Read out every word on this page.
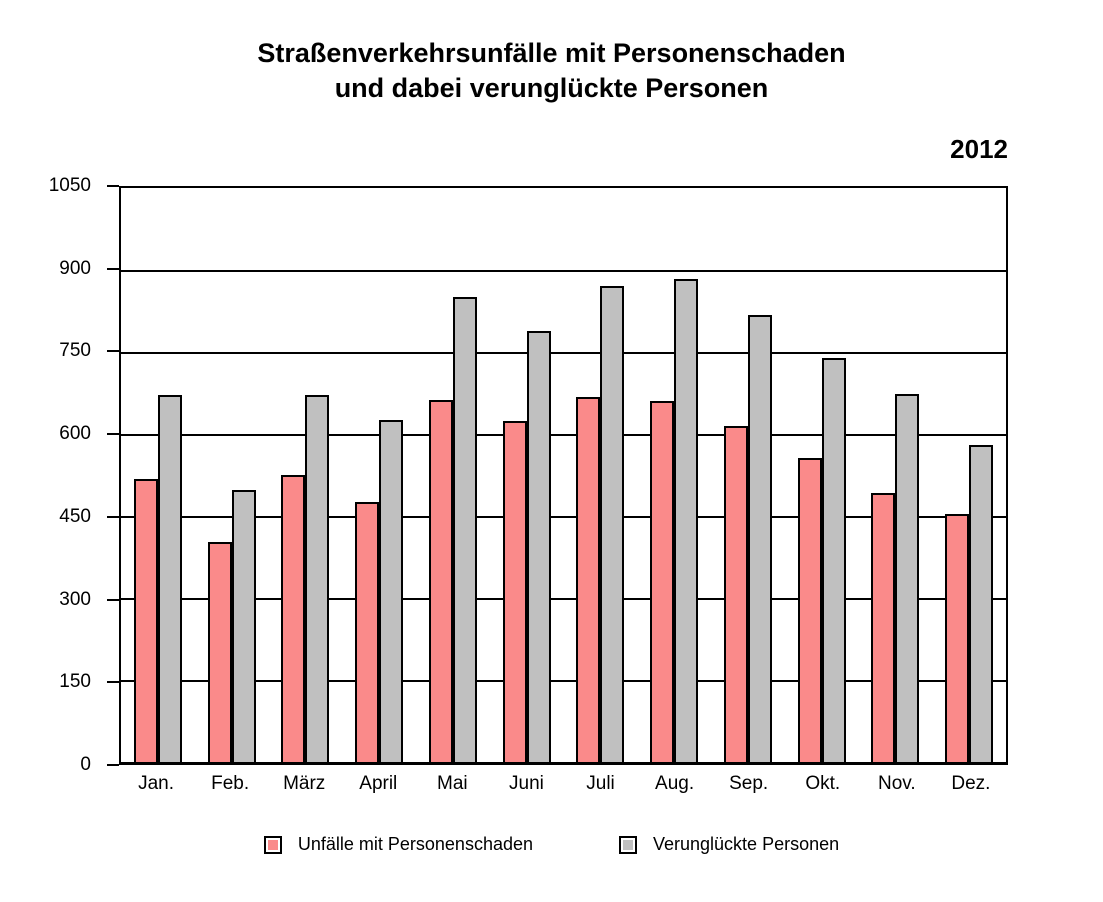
Straßenverkehrsunfälle mit Personenschaden
und dabei verunglückte Personen
2012
0
150
300
450
600
750
900
1050
Jan.	Feb.	März	April	Mai	Juni	Juli	Aug.	Sep.	Okt.	Nov.	Dez.
Unfälle mit Personenschaden	Verunglückte Personen
